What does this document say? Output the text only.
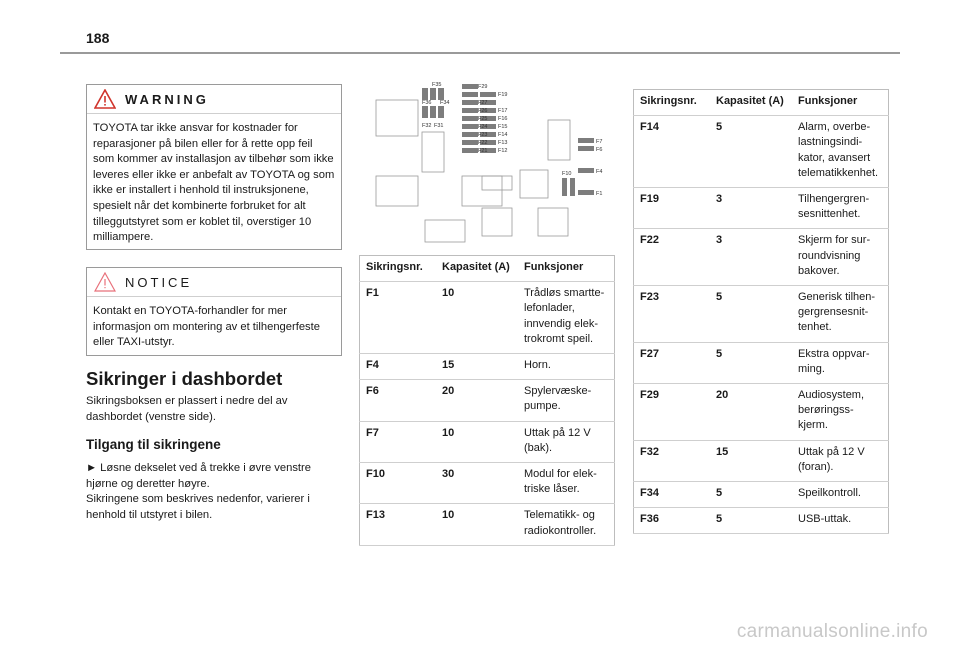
188
WARNING
TOYOTA tar ikke ansvar for kostnader for reparasjoner på bilen eller for å rette opp feil som kommer av installasjon av tilbehør som ikke leveres eller ikke er anbefalt av TOYOTA og som ikke er installert i henhold til instruksjonene, spesielt når det kombinerte forbruket for alt tilleggutstyret som er koblet til, overstiger 10 milliampere.
NOTICE
Kontakt en TOYOTA-forhandler for mer informasjon om montering av et tilhengerfeste eller TAXI-utstyr.
Sikringer i dashbordet
Sikringsboksen er plassert i nedre del av dashbordet (venstre side).
Tilgang til sikringene
► Løsne dekselet ved å trekke i øvre venstre hjørne og deretter høyre.
Sikringene som beskrives nedenfor, varierer i henhold til utstyret i bilen.
F35
F36 F34
F32 F31
F29
F27
F26
F25
F24
F23
F22
F21
F19
F17
F16
F15
F14
F13
F12
F7
F6
F4
F1
F10
Sikringsnr.	Kapasitet (A)	Funksjoner
F1	10	Trådløs smartte-lefonlader, innvendig elek-trokromt speil.
F4	15	Horn.
F6	20	Spylervæske-pumpe.
F7	10	Uttak på 12 V (bak).
F10	30	Modul for elek-triske låser.
F13	10	Telematikk- og radiokontroller.
Sikringsnr.	Kapasitet (A)	Funksjoner
F14	5	Alarm, overbe-lastningsindi-kator, avansert telematikkenhet.
F19	3	Tilhengergren-sesnittenhet.
F22	3	Skjerm for sur-roundvisning bakover.
F23	5	Generisk tilhen-gergrensesnit-tenhet.
F27	5	Ekstra oppvar-ming.
F29	20	Audiosystem, berøringss-kjerm.
F32	15	Uttak på 12 V (foran).
F34	5	Speilkontroll.
F36	5	USB-uttak.
carmanualsonline.info
